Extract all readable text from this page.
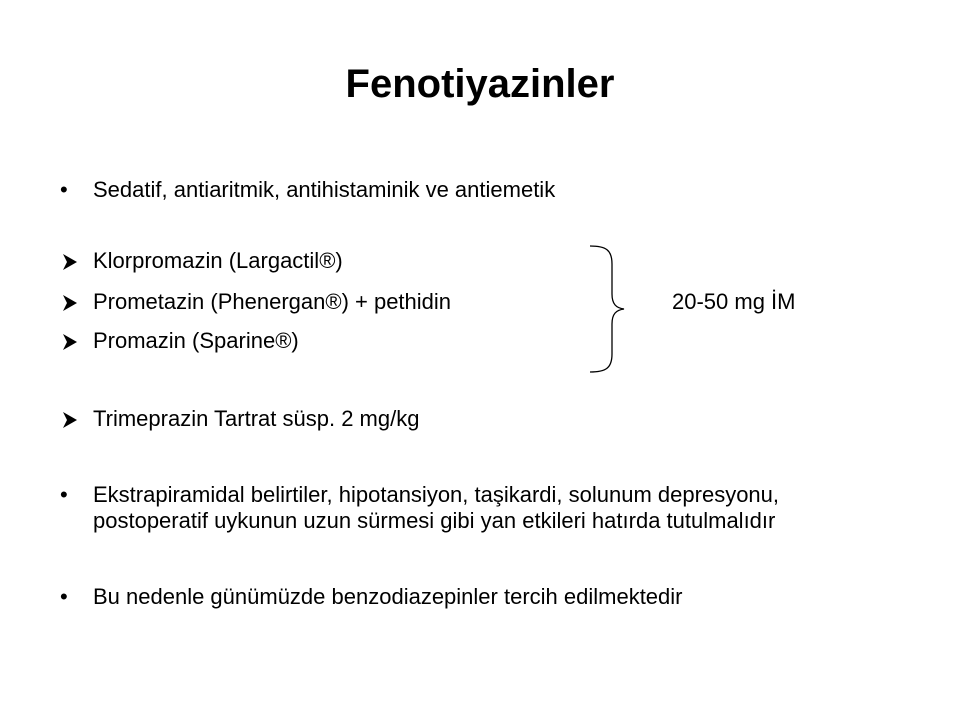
Fenotiyazinler
•	Sedatif, antiaritmik, antihistaminik ve antiemetik
Klorpromazin (Largactil®)
Prometazin (Phenergan®) + pethidin
Promazin (Sparine®)
20-50 mg İM
Trimeprazin Tartrat süsp. 2 mg/kg
•	Ekstrapiramidal belirtiler, hipotansiyon, taşikardi, solunum depresyonu, postoperatif uykunun uzun sürmesi gibi yan etkileri hatırda tutulmalıdır
•	Bu nedenle günümüzde benzodiazepinler tercih edilmektedir
